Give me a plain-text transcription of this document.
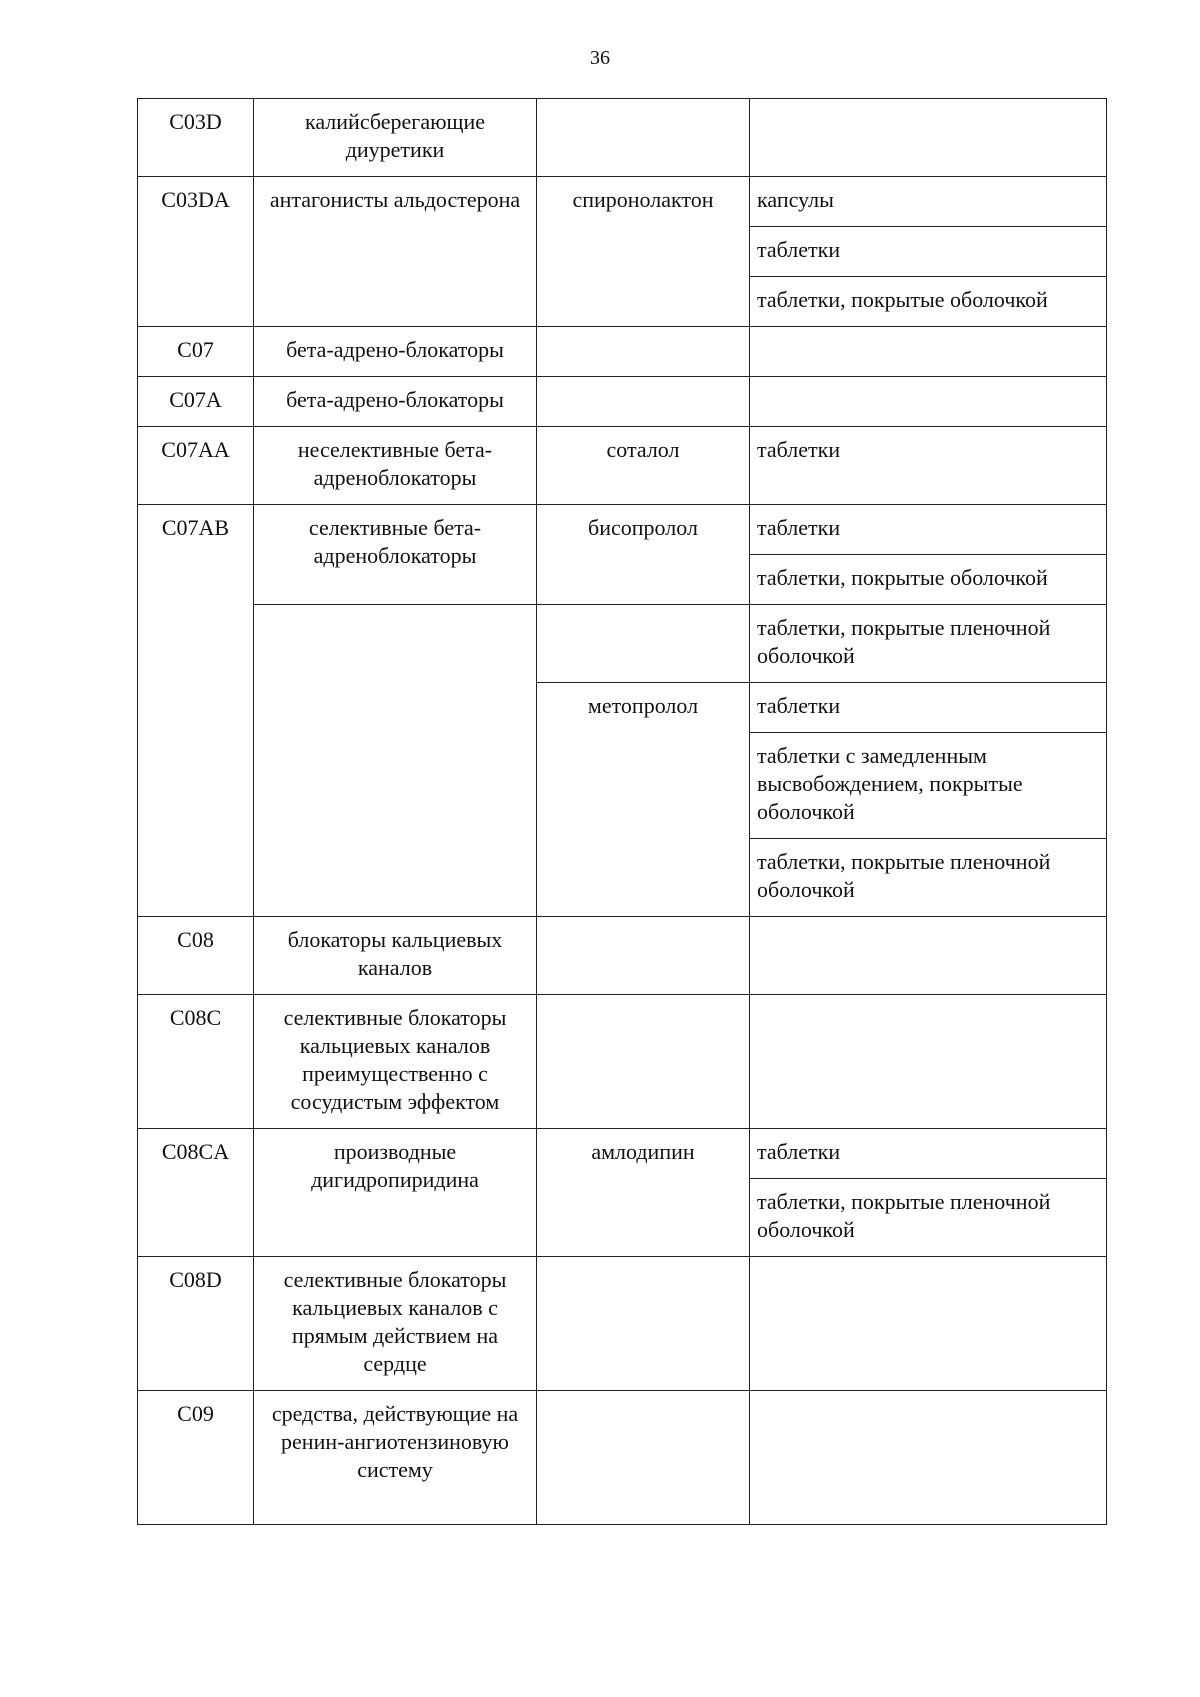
36
C03D	калийсберегающие диуретики		
C03DA	антагонисты альдостерона	спиронолактон	капсулы
			таблетки
			таблетки, покрытые оболочкой
C07	бета-адрено-блокаторы		
C07A	бета-адрено-блокаторы		
C07AA	неселективные бета-адреноблокаторы	соталол	таблетки
C07AB	селективные бета-адреноблокаторы	бисопролол	таблетки
			таблетки, покрытые оболочкой
			таблетки, покрытые пленочной оболочкой
		метопролол	таблетки
			таблетки с замедленным высвобождением, покрытые оболочкой
			таблетки, покрытые пленочной оболочкой
C08	блокаторы кальциевых каналов		
C08C	селективные блокаторы кальциевых каналов преимущественно с сосудистым эффектом		
C08CA	производные дигидропиридина	амлодипин	таблетки
			таблетки, покрытые пленочной оболочкой
C08D	селективные блокаторы кальциевых каналов с прямым действием на сердце		
C09	средства, действующие на ренин-ангиотензиновую систему		
